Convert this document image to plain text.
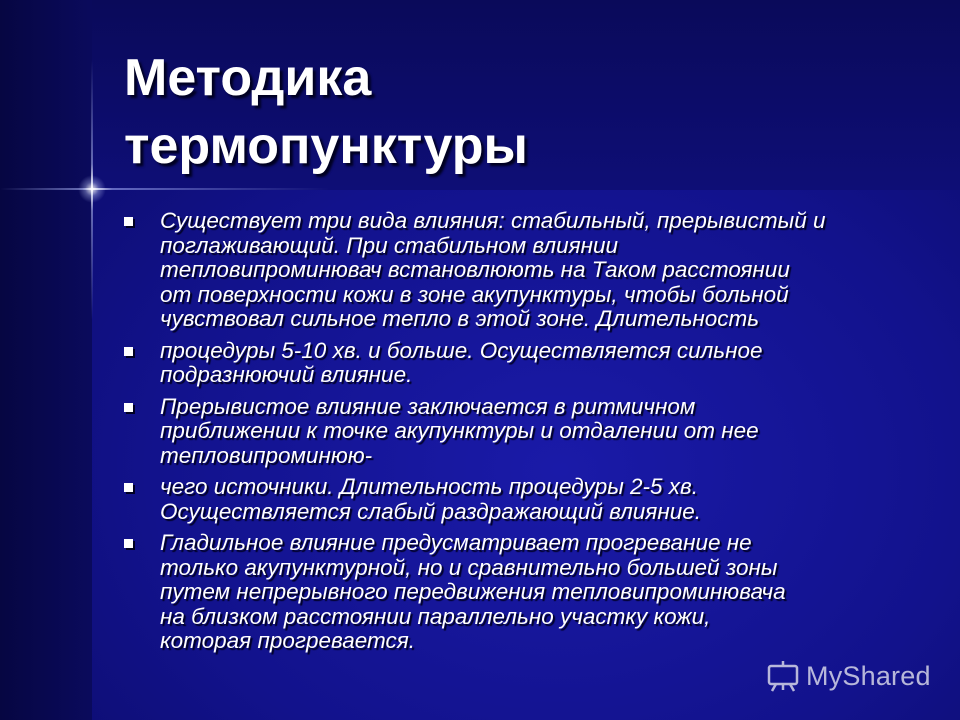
Методика
термопунктуры
Существует три вида влияния: стабильный, прерывистый и
поглаживающий. При стабильном влиянии
тепловипроминювач встановлюють на Таком расстоянии
от поверхности кожи в зоне акупунктуры, чтобы больной
чувствовал сильное тепло в этой зоне. Длительность
процедуры 5-10 хв. и больше. Осуществляется сильное
подразнюючий влияние.
Прерывистое влияние заключается в ритмичном
приближении к точке акупунктуры и отдалении от нее
тепловипроминюю-
чего источники. Длительность процедуры 2-5 хв.
Осуществляется слабый раздражающий влияние.
Гладильное влияние предусматривает прогревание не
только акупунктурной, но и сравнительно большей зоны
путем непрерывного передвижения тепловипроминювача
на близком расстоянии параллельно участку кожи,
которая прогревается.
MyShared
